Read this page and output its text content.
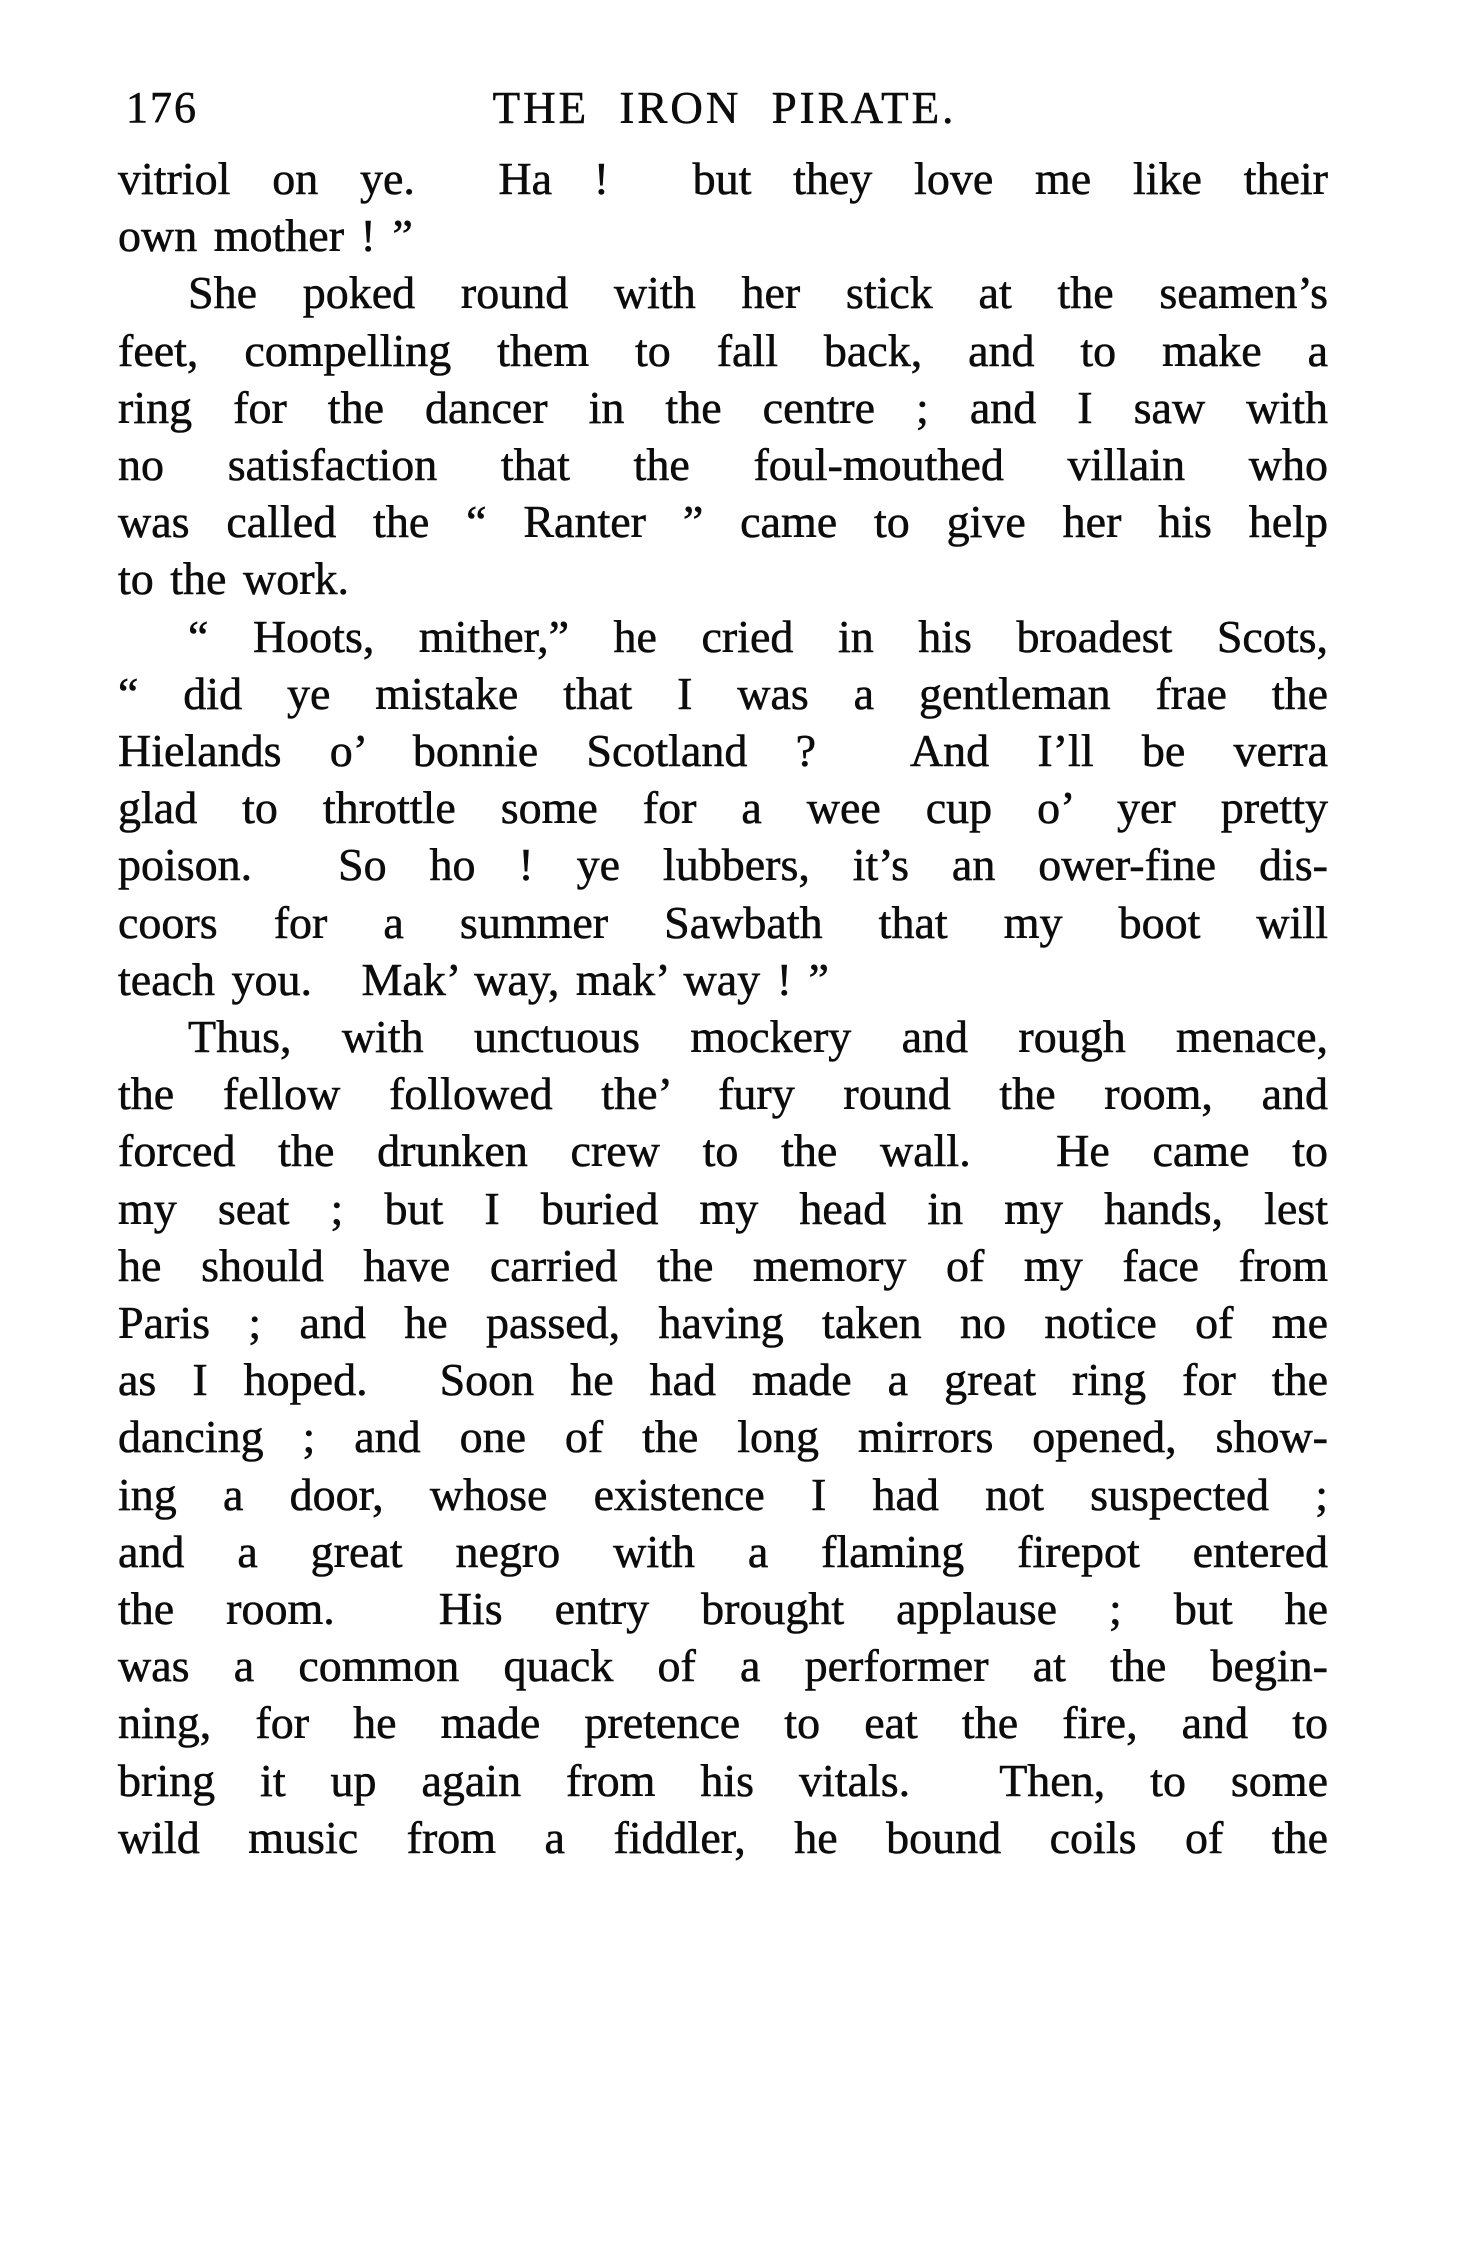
176	THE IRON PIRATE.
vitriol on ye.  Ha !  but they love me like their
own mother ! ”
She poked round with her stick at the seamen’s
feet, compelling them to fall back, and to make a
ring for the dancer in the centre ; and I saw with
no satisfaction that the foul-mouthed villain who
was called the “ Ranter ” came to give her his help
to the work.
“ Hoots, mither,” he cried in his broadest Scots,
“ did ye mistake that I was a gentleman frae the
Hielands o’ bonnie Scotland ?  And I’ll be verra
glad to throttle some for a wee cup o’ yer pretty
poison.  So ho ! ye lubbers, it’s an ower-fine dis-
coors for a summer Sawbath that my boot will
teach you.   Mak’ way, mak’ way ! ”
Thus, with unctuous mockery and rough menace,
the fellow followed the’ fury round the room, and
forced the drunken crew to the wall.  He came to
my seat ; but I buried my head in my hands, lest
he should have carried the memory of my face from
Paris ; and he passed, having taken no notice of me
as I hoped.  Soon he had made a great ring for the
dancing ; and one of the long mirrors opened, show-
ing a door, whose existence I had not suspected ;
and a great negro with a flaming firepot entered
the room.  His entry brought applause ; but he
was a common quack of a performer at the begin-
ning, for he made pretence to eat the fire, and to
bring it up again from his vitals.  Then, to some
wild music from a fiddler, he bound coils of the
